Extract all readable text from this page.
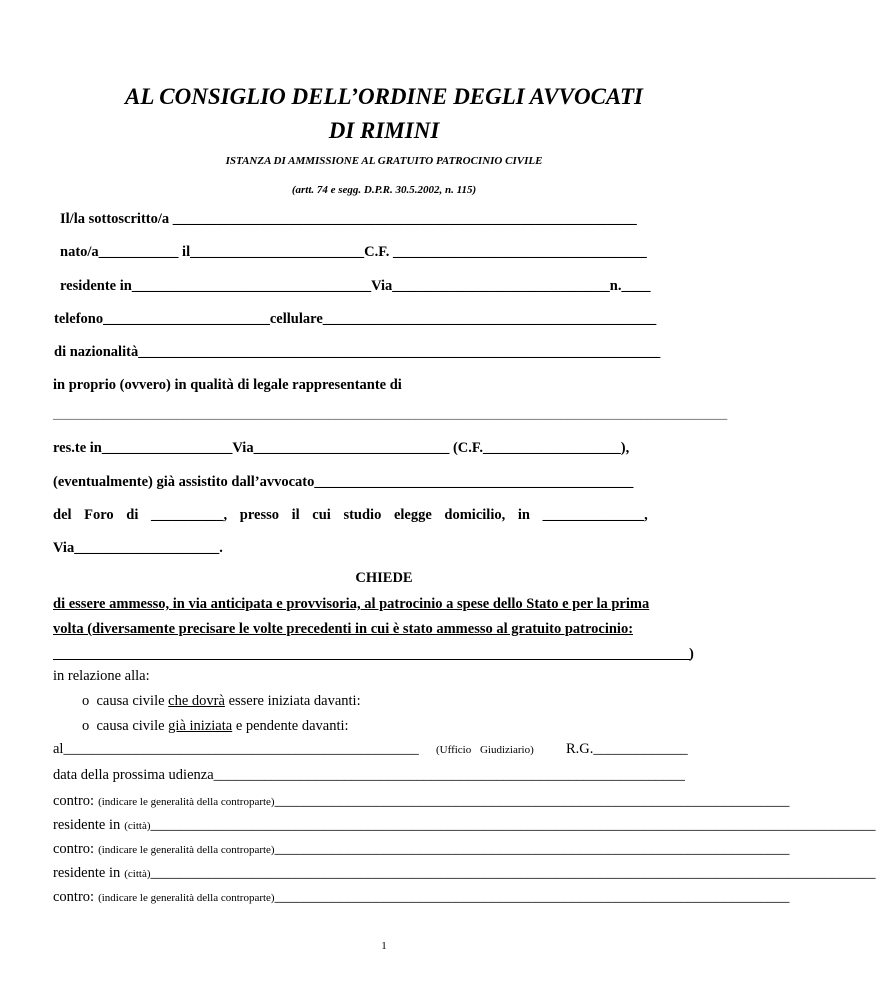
AL CONSIGLIO DELL’ORDINE DEGLI AVVOCATI
DI RIMINI
ISTANZA DI AMMISSIONE AL GRATUITO PATROCINIO CIVILE
(artt. 74 e segg. D.P.R. 30.5.2002, n. 115)
Il/la sottoscritto/a ________________________________________________________________
nato/a___________ il________________________C.F. ___________________________________
residente in_________________________________Via______________________________n.____
telefono_______________________cellulare______________________________________________
di nazionalità________________________________________________________________________
in proprio (ovvero) in qualità di legale rappresentante di
_____________________________________________________________________________________________
res.te in__________________Via___________________________ (C.F.___________________),
(eventualmente) già assistito dall’avvocato____________________________________________
del Foro di __________, presso il cui studio elegge domicilio, in ______________,
Via____________________.
CHIEDE
di essere ammesso, in via anticipata e provvisoria, al patrocinio a spese dello Stato e per la prima
volta (diversamente precisare le volte precedenti in cui è stato ammesso al gratuito patrocinio:
)
in relazione alla:
o causa civile che dovrà essere iniziata davanti:
o causa civile già iniziata e pendente davanti:
al_________________________________________________	(Ufficio Giudiziario) R.G._____________
data della prossima udienza_________________________________________________________________
contro: (indicare le generalità della controparte)_______________________________________________________________________
residente in (città)____________________________________________________________________________________________________
contro: (indicare le generalità della controparte)_______________________________________________________________________
residente in (città)____________________________________________________________________________________________________
contro: (indicare le generalità della controparte)_______________________________________________________________________
1
